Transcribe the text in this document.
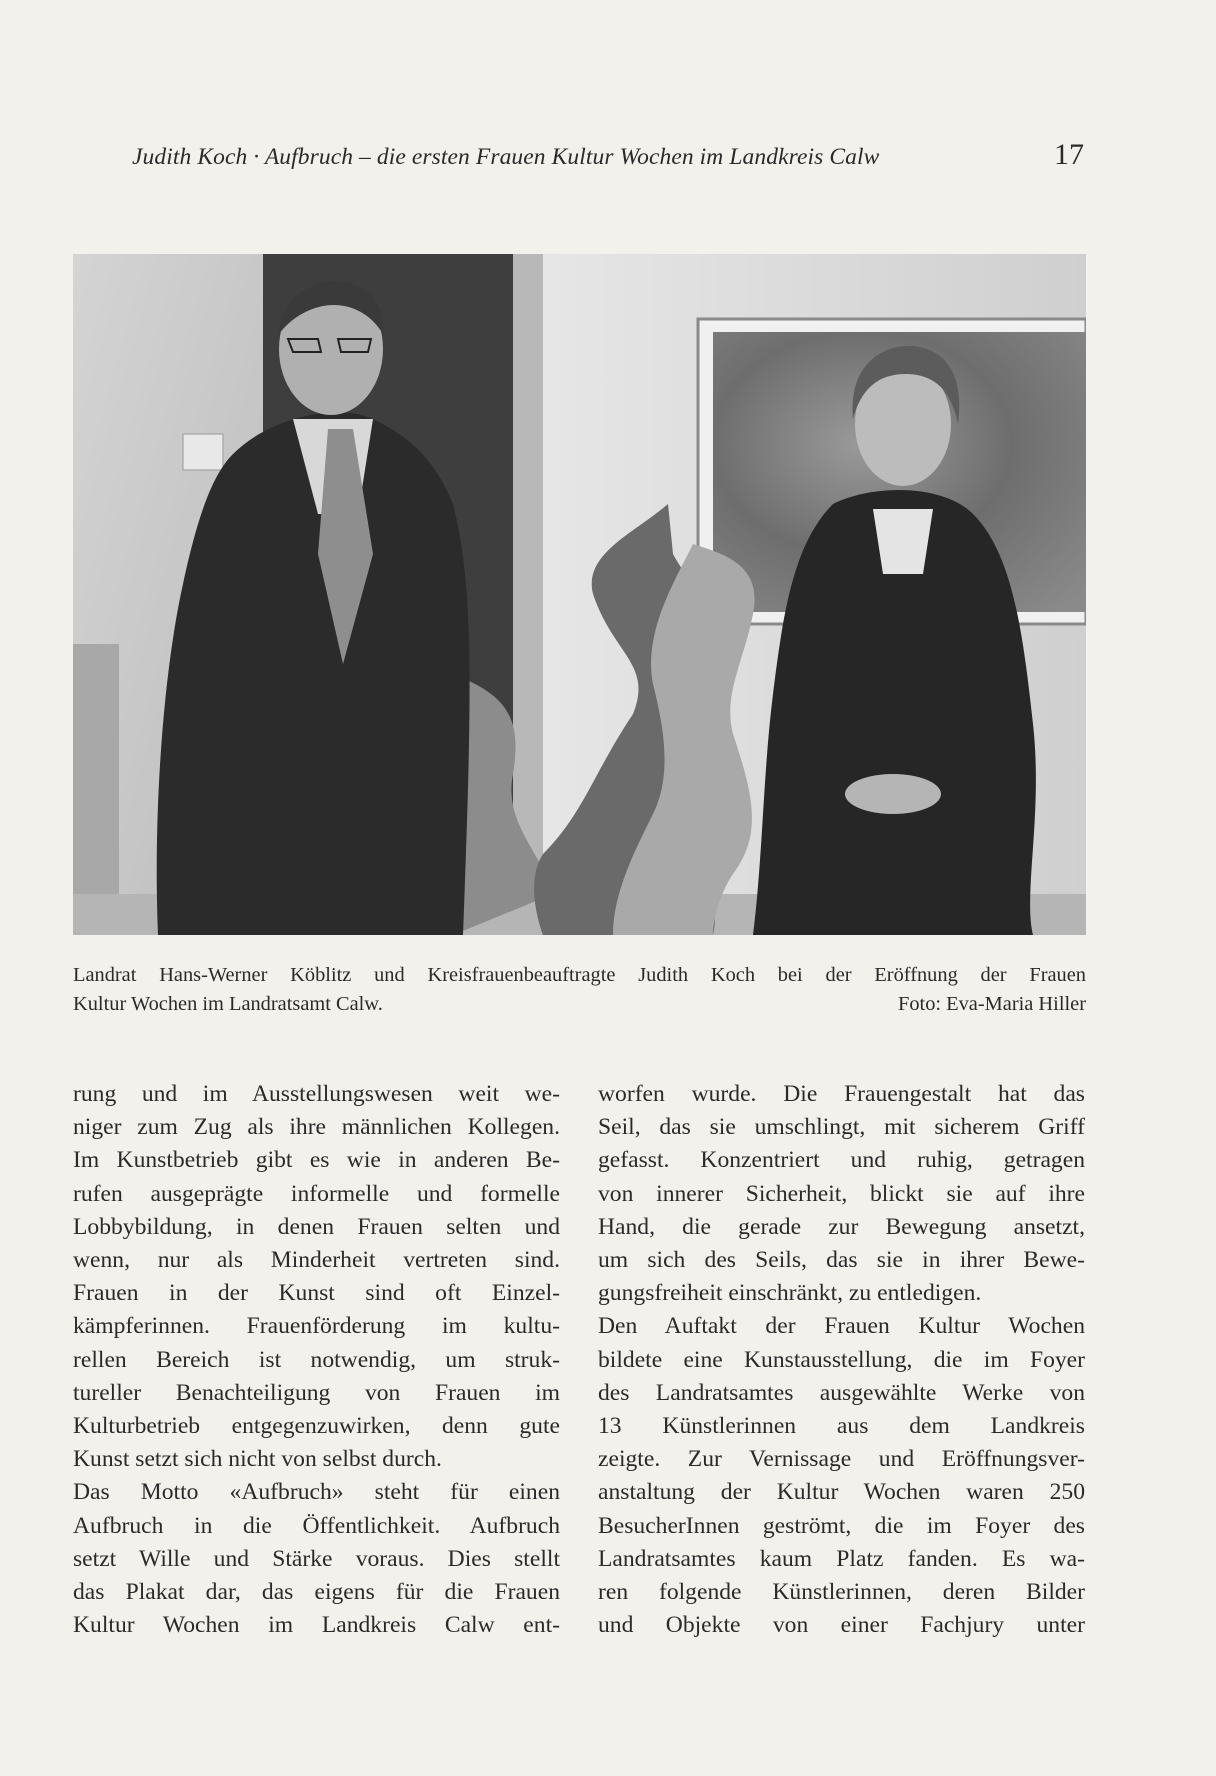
Judith Koch · Aufbruch – die ersten Frauen Kultur Wochen im Landkreis Calw	17
Landrat Hans-Werner Köblitz und Kreisfrauenbeauftragte Judith Koch bei der Eröffnung der Frauen
Kultur Wochen im Landratsamt Calw.	Foto: Eva-Maria Hiller

rung und im Ausstellungswesen weit we-
niger zum Zug als ihre männlichen Kollegen.
Im Kunstbetrieb gibt es wie in anderen Be-
rufen ausgeprägte informelle und formelle
Lobbybildung, in denen Frauen selten und
wenn, nur als Minderheit vertreten sind.
Frauen in der Kunst sind oft Einzel-
kämpferinnen. Frauenförderung im kultu-
rellen Bereich ist notwendig, um struk-
tureller Benachteiligung von Frauen im
Kulturbetrieb entgegenzuwirken, denn gute
Kunst setzt sich nicht von selbst durch.

Das Motto «Aufbruch» steht für einen
Aufbruch in die Öffentlichkeit. Aufbruch
setzt Wille und Stärke voraus. Dies stellt
das Plakat dar, das eigens für die Frauen
Kultur Wochen im Landkreis Calw ent-

worfen wurde. Die Frauengestalt hat das
Seil, das sie umschlingt, mit sicherem Griff
gefasst. Konzentriert und ruhig, getragen
von innerer Sicherheit, blickt sie auf ihre
Hand, die gerade zur Bewegung ansetzt,
um sich des Seils, das sie in ihrer Bewe-
gungsfreiheit einschränkt, zu entledigen.

Den Auftakt der Frauen Kultur Wochen
bildete eine Kunstausstellung, die im Foyer
des Landratsamtes ausgewählte Werke von
13 Künstlerinnen aus dem Landkreis
zeigte. Zur Vernissage und Eröffnungsver-
anstaltung der Kultur Wochen waren 250
BesucherInnen geströmt, die im Foyer des
Landratsamtes kaum Platz fanden. Es wa-
ren folgende Künstlerinnen, deren Bilder
und Objekte von einer Fachjury unter
